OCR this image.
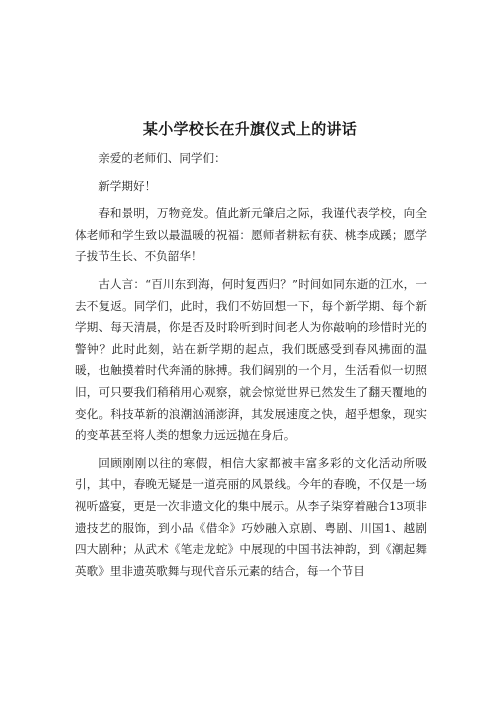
某小学校长在升旗仪式上的讲话

亲爱的老师们、同学们：

新学期好！

春和景明，万物竞发。值此新元肇启之际，我谨代表学校，向全体老师和学生致以最温暖的祝福：愿师者耕耘有获、桃李成蹊；愿学子拔节生长、不负韶华！

古人言：“百川东到海，何时复西归？”时间如同东逝的江水，一去不复返。同学们，此时，我们不妨回想一下，每个新学期、每个新学期、每天清晨，你是否及时聆听到时间老人为你敲响的珍惜时光的警钟？此时此刻，站在新学期的起点，我们既感受到春风拂面的温暖，也触摸着时代奔涌的脉搏。我们阔别的一个月，生活看似一切照旧，可只要我们稍稍用心观察，就会惊觉世界已然发生了翻天覆地的变化。科技革新的浪潮汹涌澎湃，其发展速度之快，超乎想象，现实的变革甚至将人类的想象力远远抛在身后。

回顾刚刚以往的寒假，相信大家都被丰富多彩的文化活动所吸引，其中，春晚无疑是一道亮丽的风景线。今年的春晚，不仅是一场视听盛宴，更是一次非遗文化的集中展示。从李子柒穿着融合13项非遗技艺的服饰，到小品《借伞》巧妙融入京剧、粤剧、川国1、越剧四大剧种；从武术《笔走龙蛇》中展现的中国书法神韵，到《潮起舞英歌》里非遗英歌舞与现代音乐元素的结合，每一个节目
